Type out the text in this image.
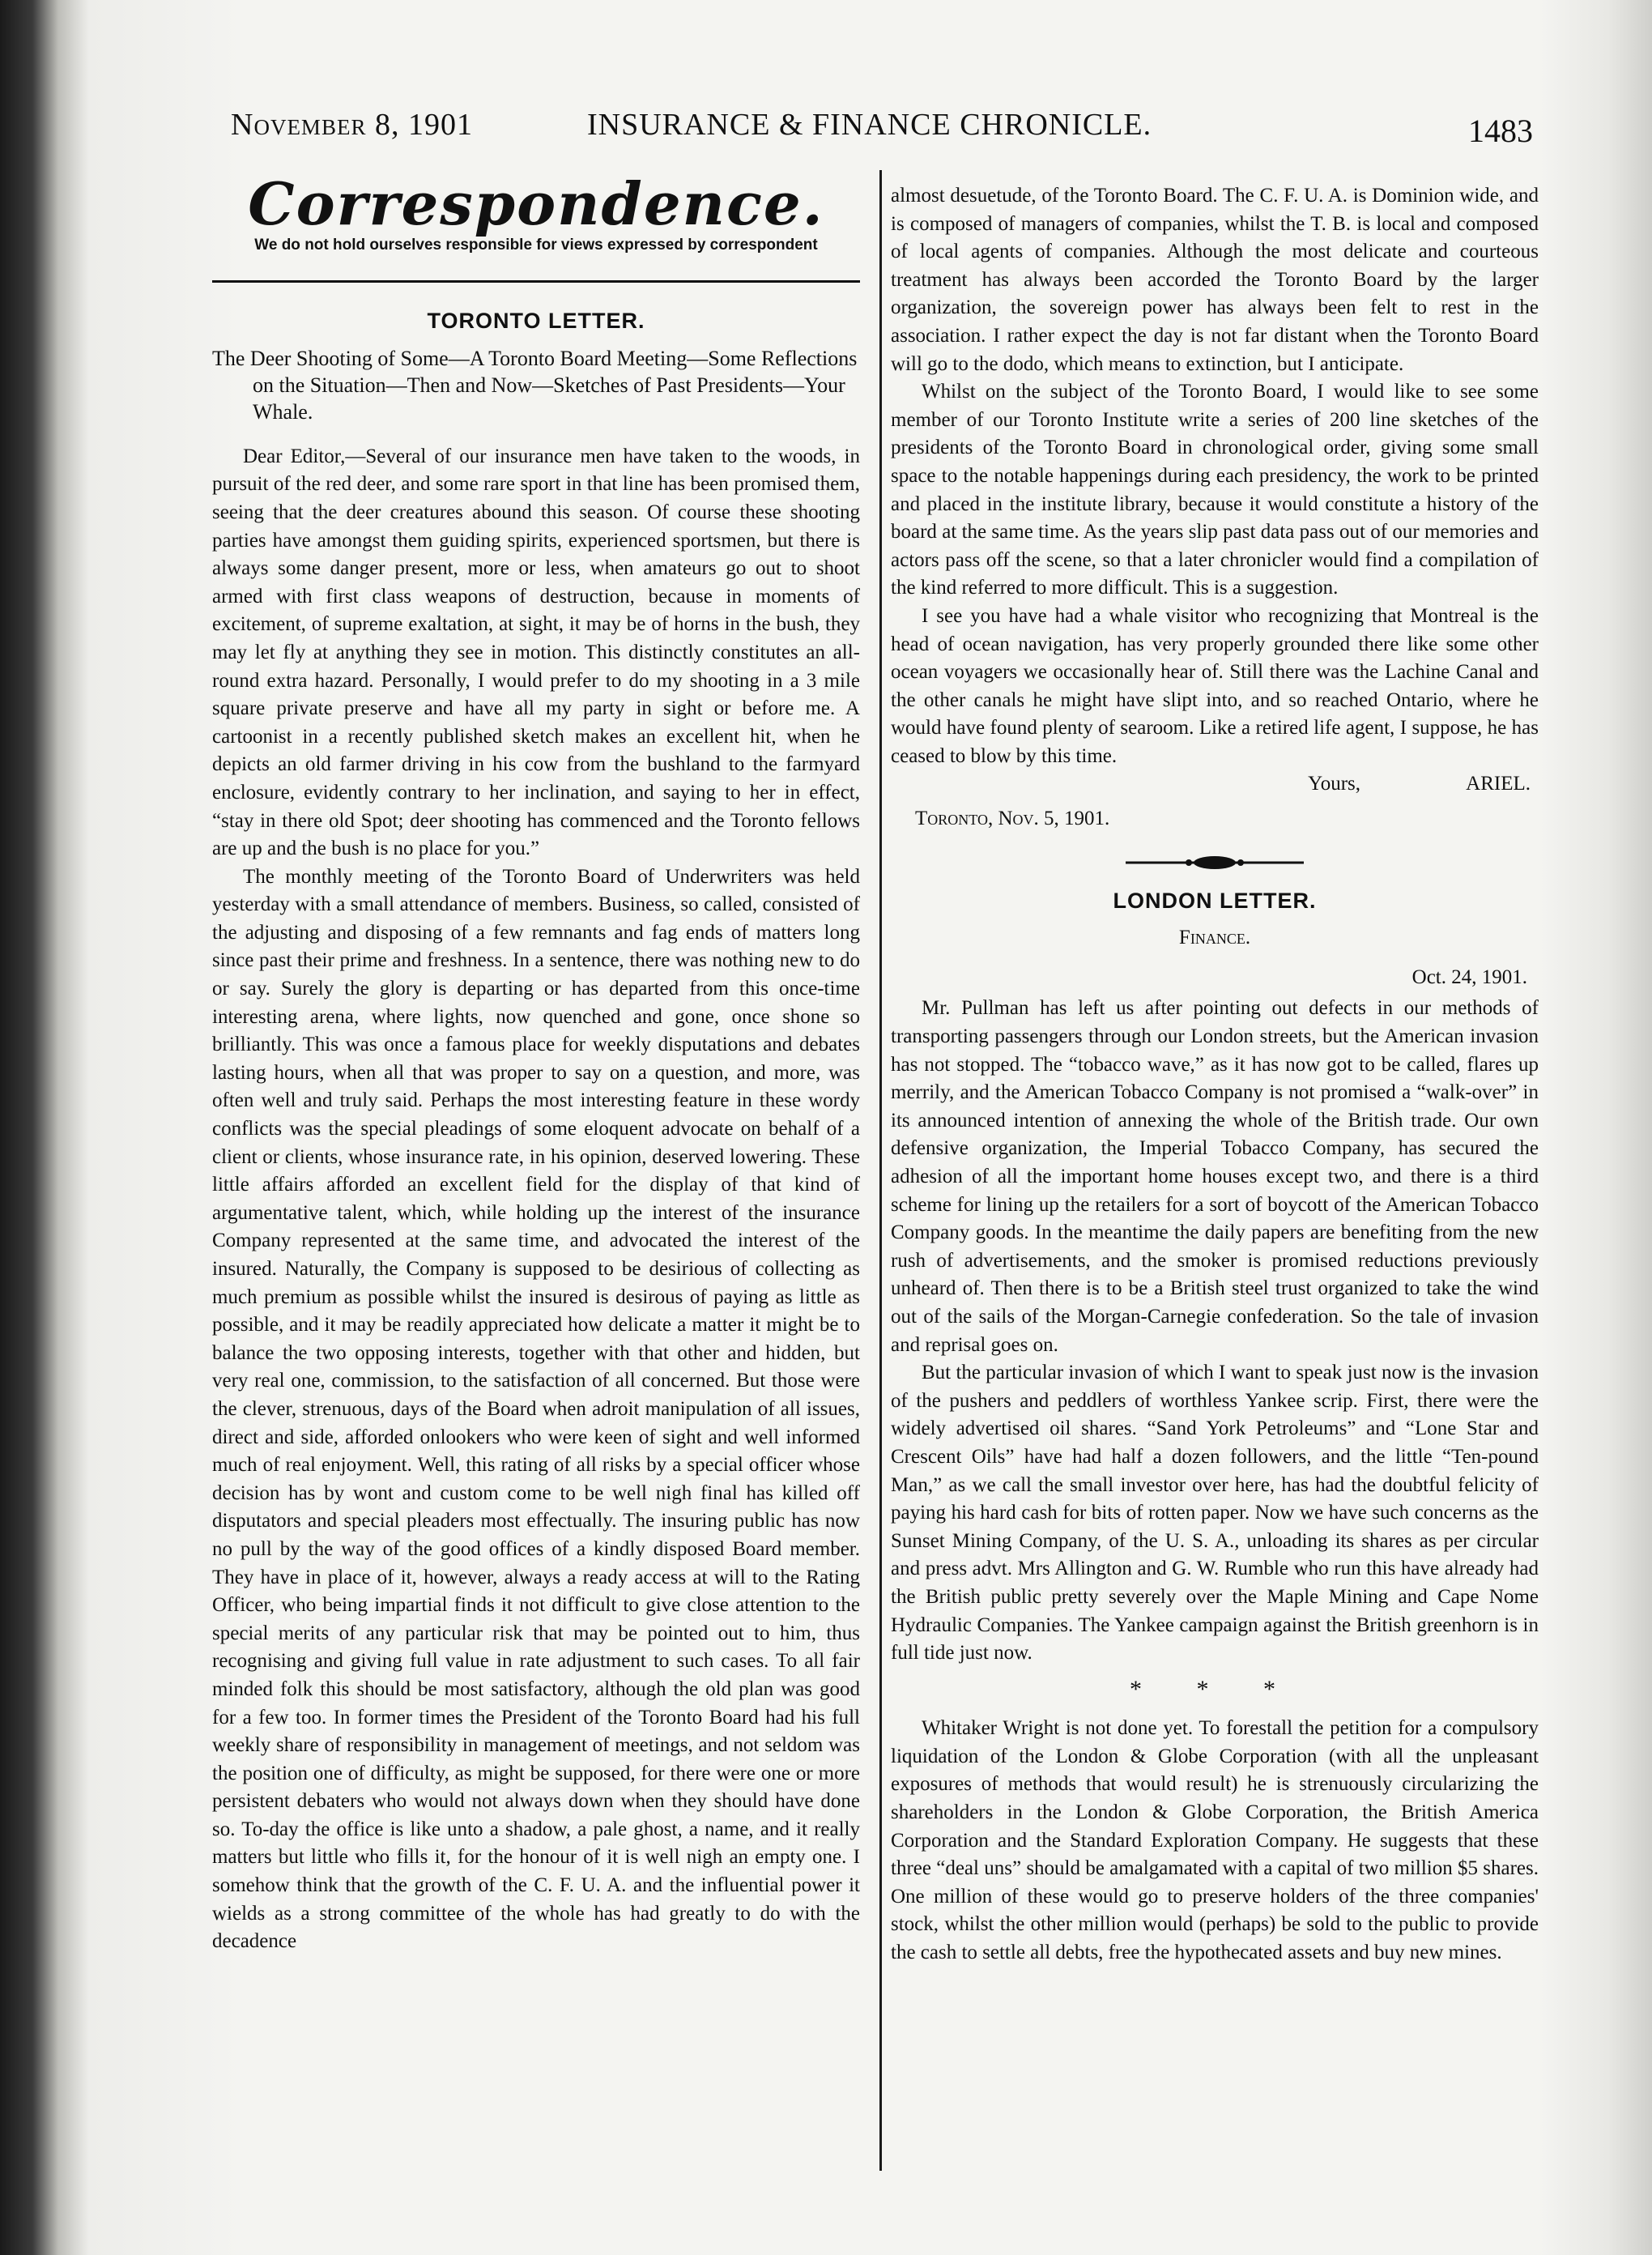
November 8, 1901	INSURANCE & FINANCE CHRONICLE.	1483
Correspondence.
We do not hold ourselves responsible for views expressed by correspondent
TORONTO LETTER.
The Deer Shooting of Some—A Toronto Board Meeting—Some Reflections on the Situation—Then and Now—Sketches of Past Presidents—Your Whale.

Dear Editor,—Several of our insurance men have taken to the woods, in pursuit of the red deer, and some rare sport in that line has been promised them, seeing that the deer creatures abound this season. Of course these shooting parties have amongst them guiding spirits, experienced sportsmen, but there is always some danger present, more or less, when amateurs go out to shoot armed with first class weapons of destruction, because in moments of excitement, of supreme exaltation, at sight, it may be of horns in the bush, they may let fly at anything they see in motion. This distinctly constitutes an all-round extra hazard. Personally, I would prefer to do my shooting in a 3 mile square private preserve and have all my party in sight or before me. A cartoonist in a recently published sketch makes an excellent hit, when he depicts an old farmer driving in his cow from the bushland to the farmyard enclosure, evidently contrary to her inclination, and saying to her in effect, “stay in there old Spot; deer shooting has commenced and the Toronto fellows are up and the bush is no place for you.”

The monthly meeting of the Toronto Board of Underwriters was held yesterday with a small attendance of members. Business, so called, consisted of the adjusting and disposing of a few remnants and fag ends of matters long since past their prime and freshness. In a sentence, there was nothing new to do or say. Surely the glory is departing or has departed from this once-time interesting arena, where lights, now quenched and gone, once shone so brilliantly. This was once a famous place for weekly disputations and debates lasting hours, when all that was proper to say on a question, and more, was often well and truly said. Perhaps the most interesting feature in these wordy conflicts was the special pleadings of some eloquent advocate on behalf of a client or clients, whose insurance rate, in his opinion, deserved lowering. These little affairs afforded an excellent field for the display of that kind of argumentative talent, which, while holding up the interest of the insurance Company represented at the same time, and advocated the interest of the insured. Naturally, the Company is supposed to be desirious of collecting as much premium as possible whilst the insured is desirous of paying as little as possible, and it may be readily appreciated how delicate a matter it might be to balance the two opposing interests, together with that other and hidden, but very real one, commission, to the satisfaction of all concerned. But those were the clever, strenuous, days of the Board when adroit manipulation of all issues, direct and side, afforded onlookers who were keen of sight and well informed much of real enjoyment. Well, this rating of all risks by a special officer whose decision has by wont and custom come to be well nigh final has killed off disputators and special pleaders most effectually. The insuring public has now no pull by the way of the good offices of a kindly disposed Board member. They have in place of it, however, always a ready access at will to the Rating Officer, who being impartial finds it not difficult to give close attention to the special merits of any particular risk that may be pointed out to him, thus recognising and giving full value in rate adjustment to such cases. To all fair minded folk this should be most satisfactory, although the old plan was good for a few too. In former times the President of the Toronto Board had his full weekly share of responsibility in management of meetings, and not seldom was the position one of difficulty, as might be supposed, for there were one or more persistent debaters who would not always down when they should have done so. To-day the office is like unto a shadow, a pale ghost, a name, and it really matters but little who fills it, for the honour of it is well nigh an empty one. I somehow think that the growth of the C. F. U. A. and the influential power it wields as a strong committee of the whole has had greatly to do with the decadence

almost desuetude, of the Toronto Board. The C. F. U. A. is Dominion wide, and is composed of managers of companies, whilst the T. B. is local and composed of local agents of companies. Although the most delicate and courteous treatment has always been accorded the Toronto Board by the larger organization, the sovereign power has always been felt to rest in the association. I rather expect the day is not far distant when the Toronto Board will go to the dodo, which means to extinction, but I anticipate.

Whilst on the subject of the Toronto Board, I would like to see some member of our Toronto Institute write a series of 200 line sketches of the presidents of the Toronto Board in chronological order, giving some small space to the notable happenings during each presidency, the work to be printed and placed in the institute library, because it would constitute a history of the board at the same time. As the years slip past data pass out of our memories and actors pass off the scene, so that a later chronicler would find a compilation of the kind referred to more difficult. This is a suggestion.

I see you have had a whale visitor who recognizing that Montreal is the head of ocean navigation, has very properly grounded there like some other ocean voyagers we occasionally hear of. Still there was the Lachine Canal and the other canals he might have slipt into, and so reached Ontario, where he would have found plenty of searoom. Like a retired life agent, I suppose, he has ceased to blow by this time.

Yours,	ARIEL.

Toronto, Nov. 5, 1901.

LONDON LETTER.
Finance.
Oct. 24, 1901.

Mr. Pullman has left us after pointing out defects in our methods of transporting passengers through our London streets, but the American invasion has not stopped. The “tobacco wave,” as it has now got to be called, flares up merrily, and the American Tobacco Company is not promised a “walk-over” in its announced intention of annexing the whole of the British trade. Our own defensive organization, the Imperial Tobacco Company, has secured the adhesion of all the important home houses except two, and there is a third scheme for lining up the retailers for a sort of boycott of the American Tobacco Company goods. In the meantime the daily papers are benefiting from the new rush of advertisements, and the smoker is promised reductions previously unheard of. Then there is to be a British steel trust organized to take the wind out of the sails of the Morgan-Carnegie confederation. So the tale of invasion and reprisal goes on.

But the particular invasion of which I want to speak just now is the invasion of the pushers and peddlers of worthless Yankee scrip. First, there were the widely advertised oil shares. “Sand York Petroleums” and “Lone Star and Crescent Oils” have had half a dozen followers, and the little “Ten-pound Man,” as we call the small investor over here, has had the doubtful felicity of paying his hard cash for bits of rotten paper. Now we have such concerns as the Sunset Mining Company, of the U. S. A., unloading its shares as per circular and press advt. Mrs Allington and G. W. Rumble who run this have already had the British public pretty severely over the Maple Mining and Cape Nome Hydraulic Companies. The Yankee campaign against the British greenhorn is in full tide just now.

* * *

Whitaker Wright is not done yet. To forestall the petition for a compulsory liquidation of the London & Globe Corporation (with all the unpleasant exposures of methods that would result) he is strenuously circularizing the shareholders in the London & Globe Corporation, the British America Corporation and the Standard Exploration Company. He suggests that these three “deal uns” should be amalgamated with a capital of two million $5 shares. One million of these would go to preserve holders of the three companies' stock, whilst the other million would (perhaps) be sold to the public to provide the cash to settle all debts, free the hypothecated assets and buy new mines.
